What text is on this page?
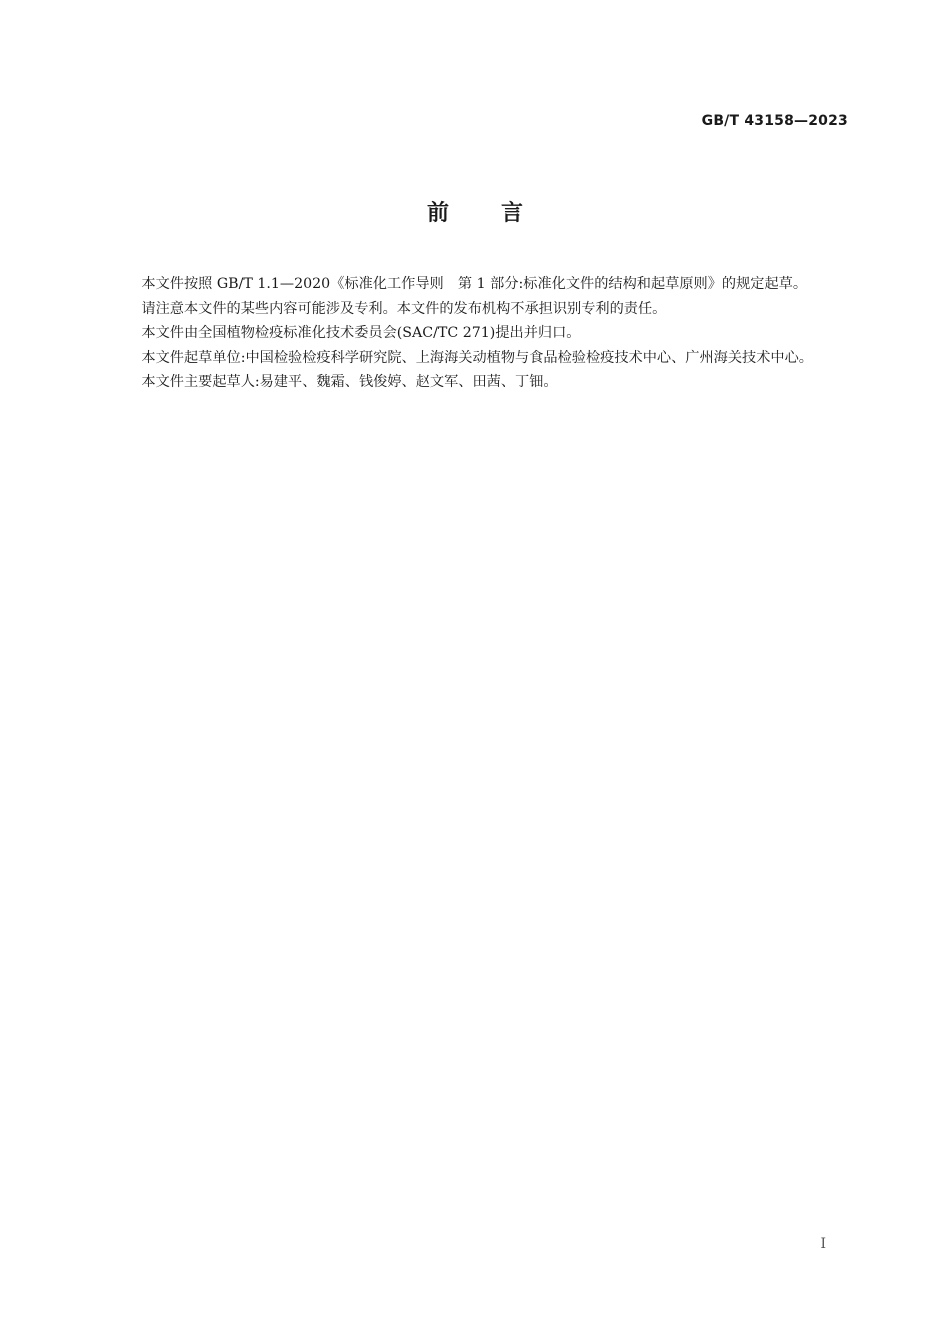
GB/T 43158—2023
前 言

本文件按照 GB/T 1.1—2020《标准化工作导则　第 1 部分:标准化文件的结构和起草原则》的规定起草。

请注意本文件的某些内容可能涉及专利。本文件的发布机构不承担识别专利的责任。

本文件由全国植物检疫标准化技术委员会(SAC/TC 271)提出并归口。

本文件起草单位:中国检验检疫科学研究院、上海海关动植物与食品检验检疫技术中心、广州海关技术中心。

本文件主要起草人:易建平、魏霜、钱俊婷、赵文军、田茜、丁钿。

I
